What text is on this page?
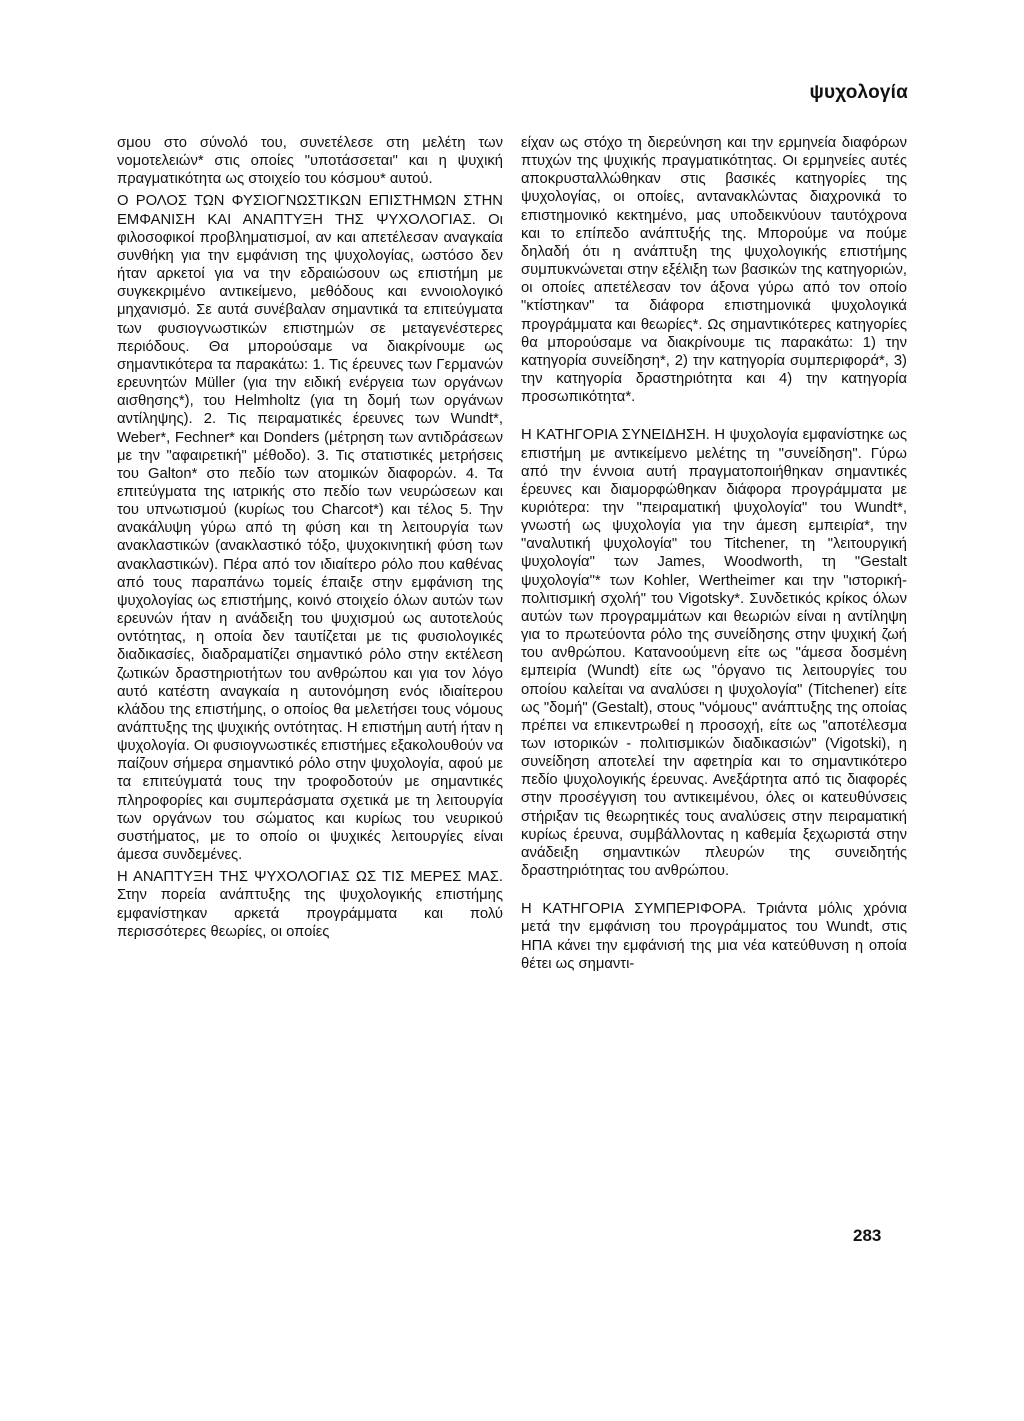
ψυχολογία

σμου στο σύνολό του, συνετέλεσε στη μελέτη των νομοτελειών* στις οποίες "υποτάσσεται" και η ψυχική πραγματικότητα ως στοιχείο του κόσμου* αυτού.

Ο ΡΟΛΟΣ ΤΩΝ ΦΥΣΙΟΓΝΩΣΤΙΚΩΝ ΕΠΙΣΤΗΜΩΝ ΣΤΗΝ ΕΜΦΑΝΙΣΗ ΚΑΙ ΑΝΑΠΤΥΞΗ ΤΗΣ ΨΥΧΟΛΟΓΙΑΣ. Οι φιλοσοφικοί προβληματισμοί, αν και απετέλεσαν αναγκαία συνθήκη για την εμφάνιση της ψυχολογίας, ωστόσο δεν ήταν αρκετοί για να την εδραιώσουν ως επιστήμη με συγκεκριμένο αντικείμενο, μεθόδους και εννοιολογικό μηχανισμό. Σε αυτά συνέβαλαν σημαντικά τα επιτεύγματα των φυσιογνωστικών επιστημών σε μεταγενέστερες περιόδους. Θα μπορούσαμε να διακρίνουμε ως σημαντικότερα τα παρακάτω: 1. Τις έρευνες των Γερμανών ερευνητών Müller (για την ειδική ενέργεια των οργάνων αισθησης*), του Helmholtz (για τη δομή των οργάνων αντίληψης). 2. Τις πειραματικές έρευνες των Wundt*, Weber*, Fechner* και Donders (μέτρηση των αντιδράσεων με την "αφαιρετική" μέθοδο). 3. Τις στατιστικές μετρήσεις του Galton* στο πεδίο των ατομικών διαφορών. 4. Τα επιτεύγματα της ιατρικής στο πεδίο των νευρώσεων και του υπνωτισμού (κυρίως του Charcot*) και τέλος 5. Την ανακάλυψη γύρω από τη φύση και τη λειτουργία των ανακλαστικών (ανακλαστικό τόξο, ψυχοκινητική φύση των ανακλαστικών). Πέρα από τον ιδιαίτερο ρόλο που καθένας από τους παραπάνω τομείς έπαιξε στην εμφάνιση της ψυχολογίας ως επιστήμης, κοινό στοιχείο όλων αυτών των ερευνών ήταν η ανάδειξη του ψυχισμού ως αυτοτελούς οντότητας, η οποία δεν ταυτίζεται με τις φυσιολογικές διαδικασίες, διαδραματίζει σημαντικό ρόλο στην εκτέλεση ζωτικών δραστηριοτήτων του ανθρώπου και για τον λόγο αυτό κατέστη αναγκαία η αυτονόμηση ενός ιδιαίτερου κλάδου της επιστήμης, ο οποίος θα μελετήσει τους νόμους ανάπτυξης της ψυχικής οντότητας. Η επιστήμη αυτή ήταν η ψυχολογία. Οι φυσιογνωστικές επιστήμες εξακολουθούν να παίζουν σήμερα σημαντικό ρόλο στην ψυχολογία, αφού με τα επιτεύγματά τους την τροφοδοτούν με σημαντικές πληροφορίες και συμπεράσματα σχετικά με τη λειτουργία των οργάνων του σώματος και κυρίως του νευρικού συστήματος, με το οποίο οι ψυχικές λειτουργίες είναι άμεσα συνδεμένες.

Η ΑΝΑΠΤΥΞΗ ΤΗΣ ΨΥΧΟΛΟΓΙΑΣ ΩΣ ΤΙΣ ΜΕΡΕΣ ΜΑΣ. Στην πορεία ανάπτυξης της ψυχολογικής επιστήμης εμφανίστηκαν αρκετά προγράμματα και πολύ περισσότερες θεωρίες, οι οποίες

είχαν ως στόχο τη διερεύνηση και την ερμηνεία διαφόρων πτυχών της ψυχικής πραγματικότητας. Οι ερμηνείες αυτές αποκρυσταλλώθηκαν στις βασικές κατηγορίες της ψυχολογίας, οι οποίες, αντανακλώντας διαχρονικά το επιστημονικό κεκτημένο, μας υποδεικνύουν ταυτόχρονα και το επίπεδο ανάπτυξής της. Μπορούμε να πούμε δηλαδή ότι η ανάπτυξη της ψυχολογικής επιστήμης συμπυκνώνεται στην εξέλιξη των βασικών της κατηγοριών, οι οποίες απετέλεσαν τον άξονα γύρω από τον οποίο "κτίστηκαν" τα διάφορα επιστημονικά ψυχολογικά προγράμματα και θεωρίες*. Ως σημαντικότερες κατηγορίες θα μπορούσαμε να διακρίνουμε τις παρακάτω: 1) την κατηγορία συνείδηση*, 2) την κατηγορία συμπεριφορά*, 3) την κατηγορία δραστηριότητα και 4) την κατηγορία προσωπικότητα*.

Η ΚΑΤΗΓΟΡΙΑ ΣΥΝΕΙΔΗΣΗ. Η ψυχολογία εμφανίστηκε ως επιστήμη με αντικείμενο μελέτης τη "συνείδηση". Γύρω από την έννοια αυτή πραγματοποιήθηκαν σημαντικές έρευνες και διαμορφώθηκαν διάφορα προγράμματα με κυριότερα: την "πειραματική ψυχολογία" του Wundt*, γνωστή ως ψυχολογία για την άμεση εμπειρία*, την "αναλυτική ψυχολογία" του Titchener, τη "λειτουργική ψυχολογία" των James, Woodworth, τη "Gestalt ψυχολογία"* των Kohler, Wertheimer και την "ιστορική-πολιτισμική σχολή" του Vigotsky*. Συνδετικός κρίκος όλων αυτών των προγραμμάτων και θεωριών είναι η αντίληψη για το πρωτεύοντα ρόλο της συνείδησης στην ψυχική ζωή του ανθρώπου. Κατανοούμενη είτε ως "άμεσα δοσμένη εμπειρία (Wundt) είτε ως "όργανο τις λειτουργίες του οποίου καλείται να αναλύσει η ψυχολογία" (Titchener) είτε ως "δομή" (Gestalt), στους "νόμους" ανάπτυξης της οποίας πρέπει να επικεντρωθεί η προσοχή, είτε ως "αποτέλεσμα των ιστορικών - πολιτισμικών διαδικασιών" (Vigotski), η συνείδηση αποτελεί την αφετηρία και το σημαντικότερο πεδίο ψυχολογικής έρευνας. Ανεξάρτητα από τις διαφορές στην προσέγγιση του αντικειμένου, όλες οι κατευθύνσεις στήριξαν τις θεωρητικές τους αναλύσεις στην πειραματική κυρίως έρευνα, συμβάλλοντας η καθεμία ξεχωριστά στην ανάδειξη σημαντικών πλευρών της συνειδητής δραστηριότητας του ανθρώπου.

Η ΚΑΤΗΓΟΡΙΑ ΣΥΜΠΕΡΙΦΟΡΑ. Τριάντα μόλις χρόνια μετά την εμφάνιση του προγράμματος του Wundt, στις ΗΠΑ κάνει την εμφάνισή της μια νέα κατεύθυνση η οποία θέτει ως σημαντι-

283
